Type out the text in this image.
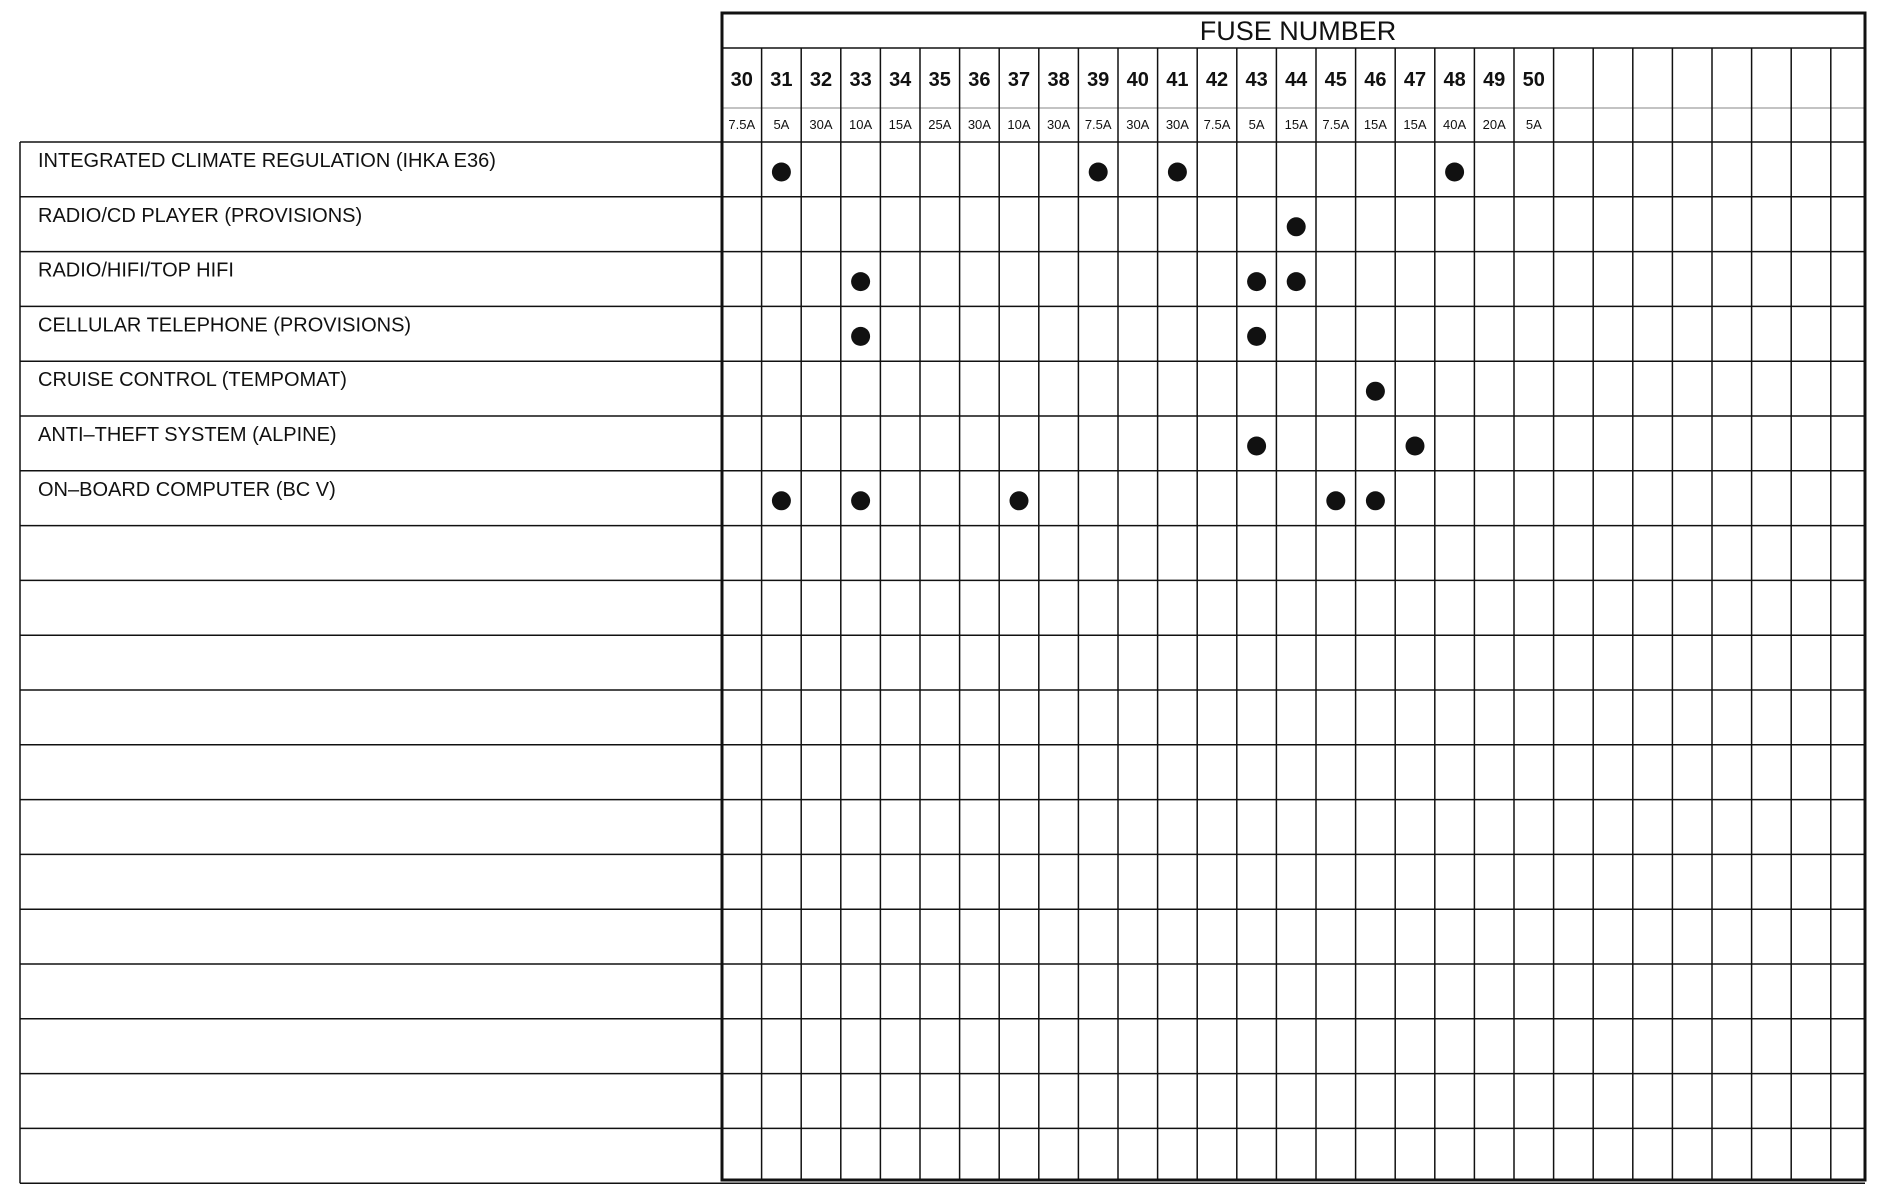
FUSE NUMBER
30
7.5A
31
5A
32
30A
33
10A
34
15A
35
25A
36
30A
37
10A
38
30A
39
7.5A
40
30A
41
30A
42
7.5A
43
5A
44
15A
45
7.5A
46
15A
47
15A
48
40A
49
20A
50
5A
INTEGRATED CLIMATE REGULATION (IHKA E36)
RADIO/CD PLAYER (PROVISIONS)
RADIO/HIFI/TOP HIFI
CELLULAR TELEPHONE (PROVISIONS)
CRUISE CONTROL (TEMPOMAT)
ANTI–THEFT SYSTEM (ALPINE)
ON–BOARD COMPUTER (BC V)
